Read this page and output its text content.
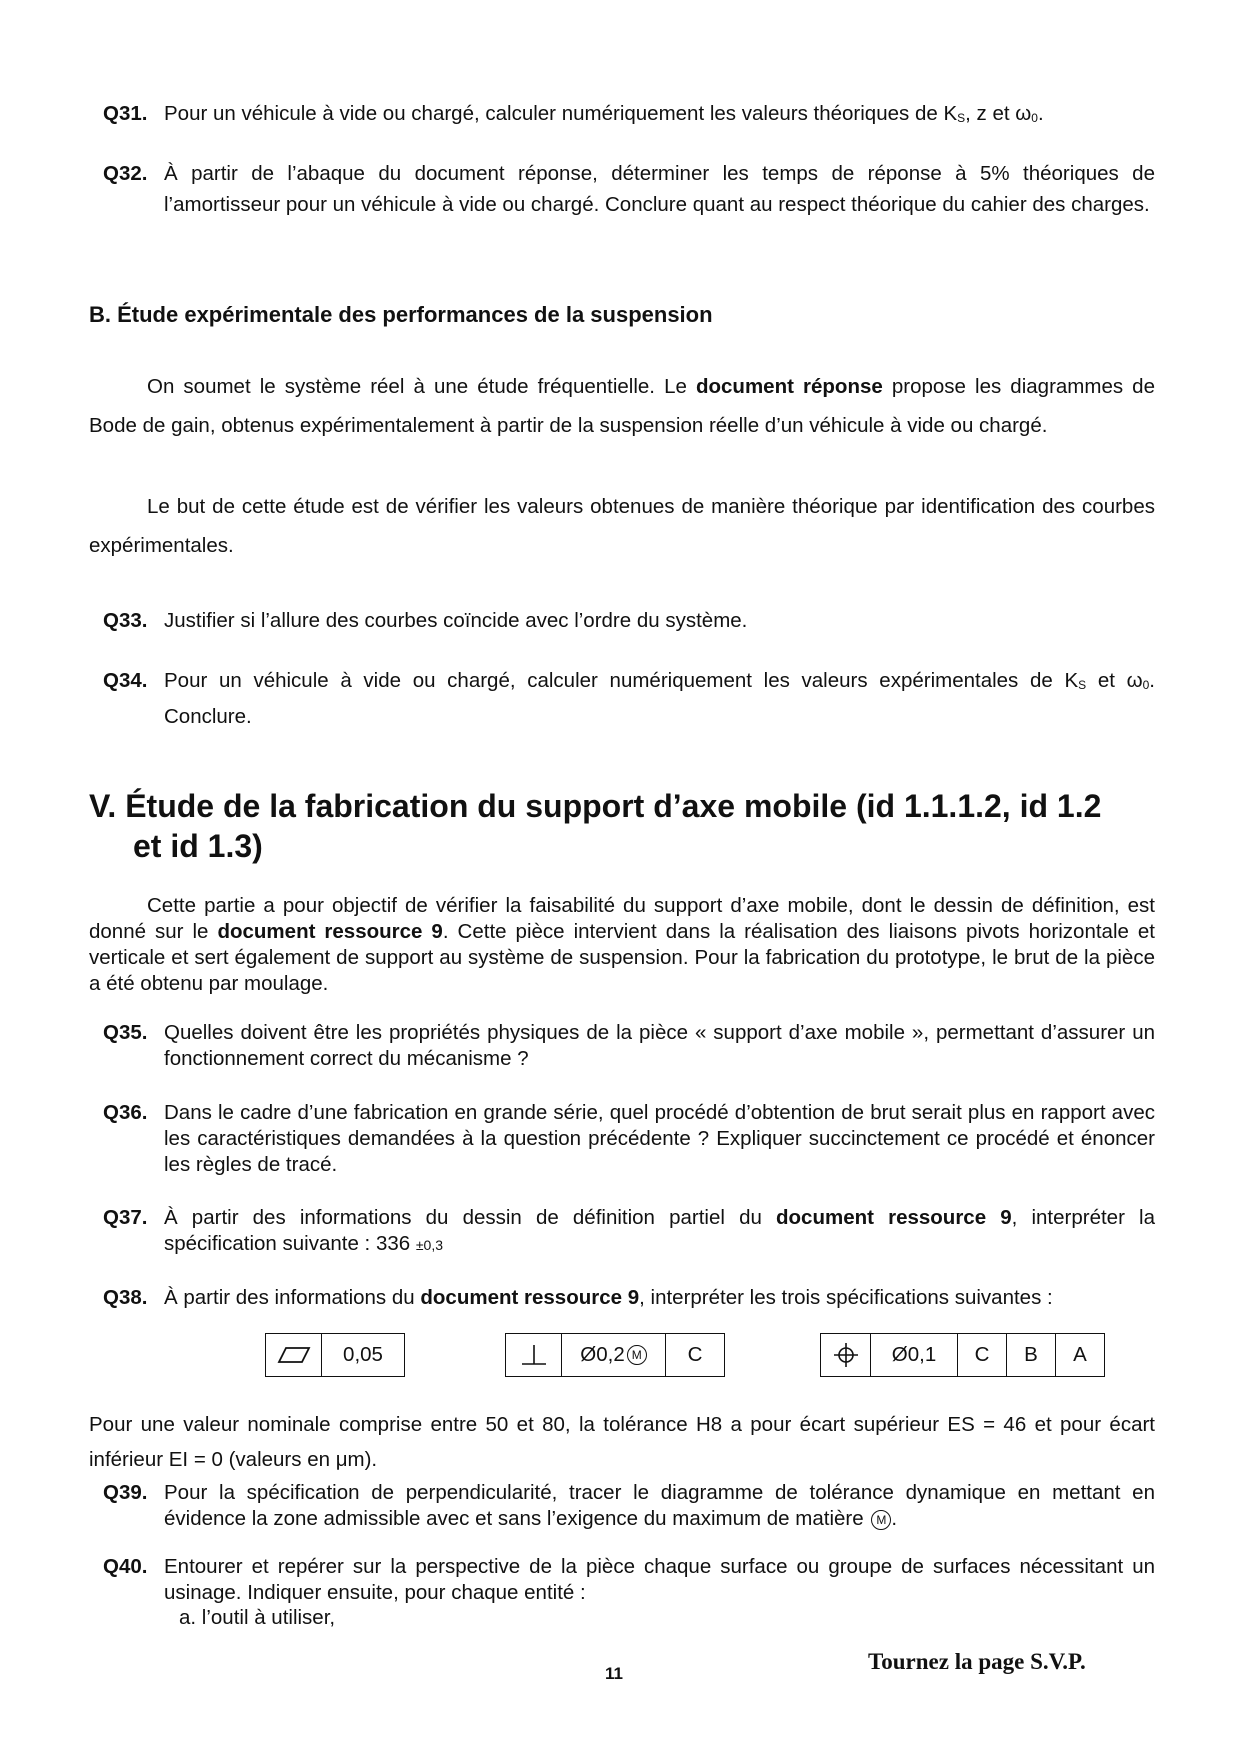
Q31. Pour un véhicule à vide ou chargé, calculer numériquement les valeurs théoriques de KS, z et ω0.
Q32. À partir de l’abaque du document réponse, déterminer les temps de réponse à 5% théoriques de l’amortisseur pour un véhicule à vide ou chargé. Conclure quant au respect théorique du cahier des charges.
B. Étude expérimentale des performances de la suspension
On soumet le système réel à une étude fréquentielle. Le document réponse propose les diagrammes de Bode de gain, obtenus expérimentalement à partir de la suspension réelle d’un véhicule à vide ou chargé.
Le but de cette étude est de vérifier les valeurs obtenues de manière théorique par identification des courbes expérimentales.
Q33. Justifier si l’allure des courbes coïncide avec l’ordre du système.
Q34. Pour un véhicule à vide ou chargé, calculer numériquement les valeurs expérimentales de KS et ω0. Conclure.
V. Étude de la fabrication du support d’axe mobile (id 1.1.1.2, id 1.2
et id 1.3)
Cette partie a pour objectif de vérifier la faisabilité du support d’axe mobile, dont le dessin de définition, est donné sur le document ressource 9. Cette pièce intervient dans la réalisation des liaisons pivots horizontale et verticale et sert également de support au système de suspension. Pour la fabrication du prototype, le brut de la pièce a été obtenu par moulage.
Q35. Quelles doivent être les propriétés physiques de la pièce « support d’axe mobile », permettant d’assurer un fonctionnement correct du mécanisme ?
Q36. Dans le cadre d’une fabrication en grande série, quel procédé d’obtention de brut serait plus en rapport avec les caractéristiques demandées à la question précédente ? Expliquer succinctement ce procédé et énoncer les règles de tracé.
Q37. À partir des informations du dessin de définition partiel du document ressource 9, interpréter la spécification suivante : 336 ±0,3
Q38. À partir des informations du document ressource 9, interpréter les trois spécifications suivantes :
0,05	Ø 0,2 M	C	Ø 0,1	C	B	A
Pour une valeur nominale comprise entre 50 et 80, la tolérance H8 a pour écart supérieur ES = 46 et pour écart inférieur EI = 0 (valeurs en μm).
Q39. Pour la spécification de perpendicularité, tracer le diagramme de tolérance dynamique en mettant en évidence la zone admissible avec et sans l’exigence du maximum de matière M .
Q40. Entourer et repérer sur la perspective de la pièce chaque surface ou groupe de surfaces nécessitant un usinage. Indiquer ensuite, pour chaque entité :
a. l’outil à utiliser,
11	Tournez la page S.V.P.
